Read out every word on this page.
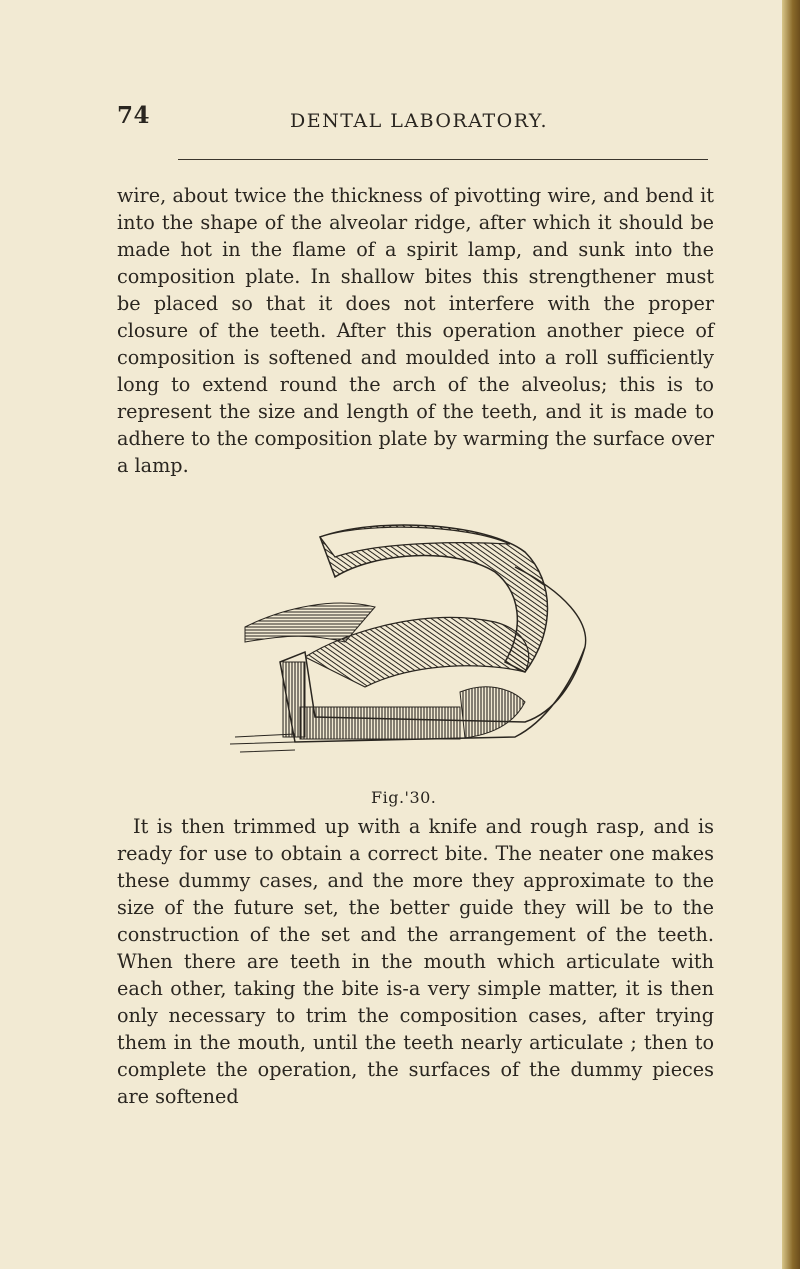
74	DENTAL LABORATORY.

wire, about twice the thickness of pivotting wire, and bend it into the shape of the alveolar ridge, after which it should be made hot in the flame of a spirit lamp, and sunk into the composition plate. In shallow bites this strengthener must be placed so that it does not interfere with the proper closure of the teeth. After this operation another piece of composition is softened and moulded into a roll sufficiently long to extend round the arch of the alveolus; this is to represent the size and length of the teeth, and it is made to adhere to the composition plate by warming the surface over a lamp.

Fig.'30.

It is then trimmed up with a knife and rough rasp, and is ready for use to obtain a correct bite. The neater one makes these dummy cases, and the more they approximate to the size of the future set, the better guide they will be to the construction of the set and the arrangement of the teeth. When there are teeth in the mouth which articulate with each other, taking the bite is-a very simple matter, it is then only necessary to trim the composition cases, after trying them in the mouth, until the teeth nearly articulate ; then to complete the operation, the surfaces of the dummy pieces are softened
